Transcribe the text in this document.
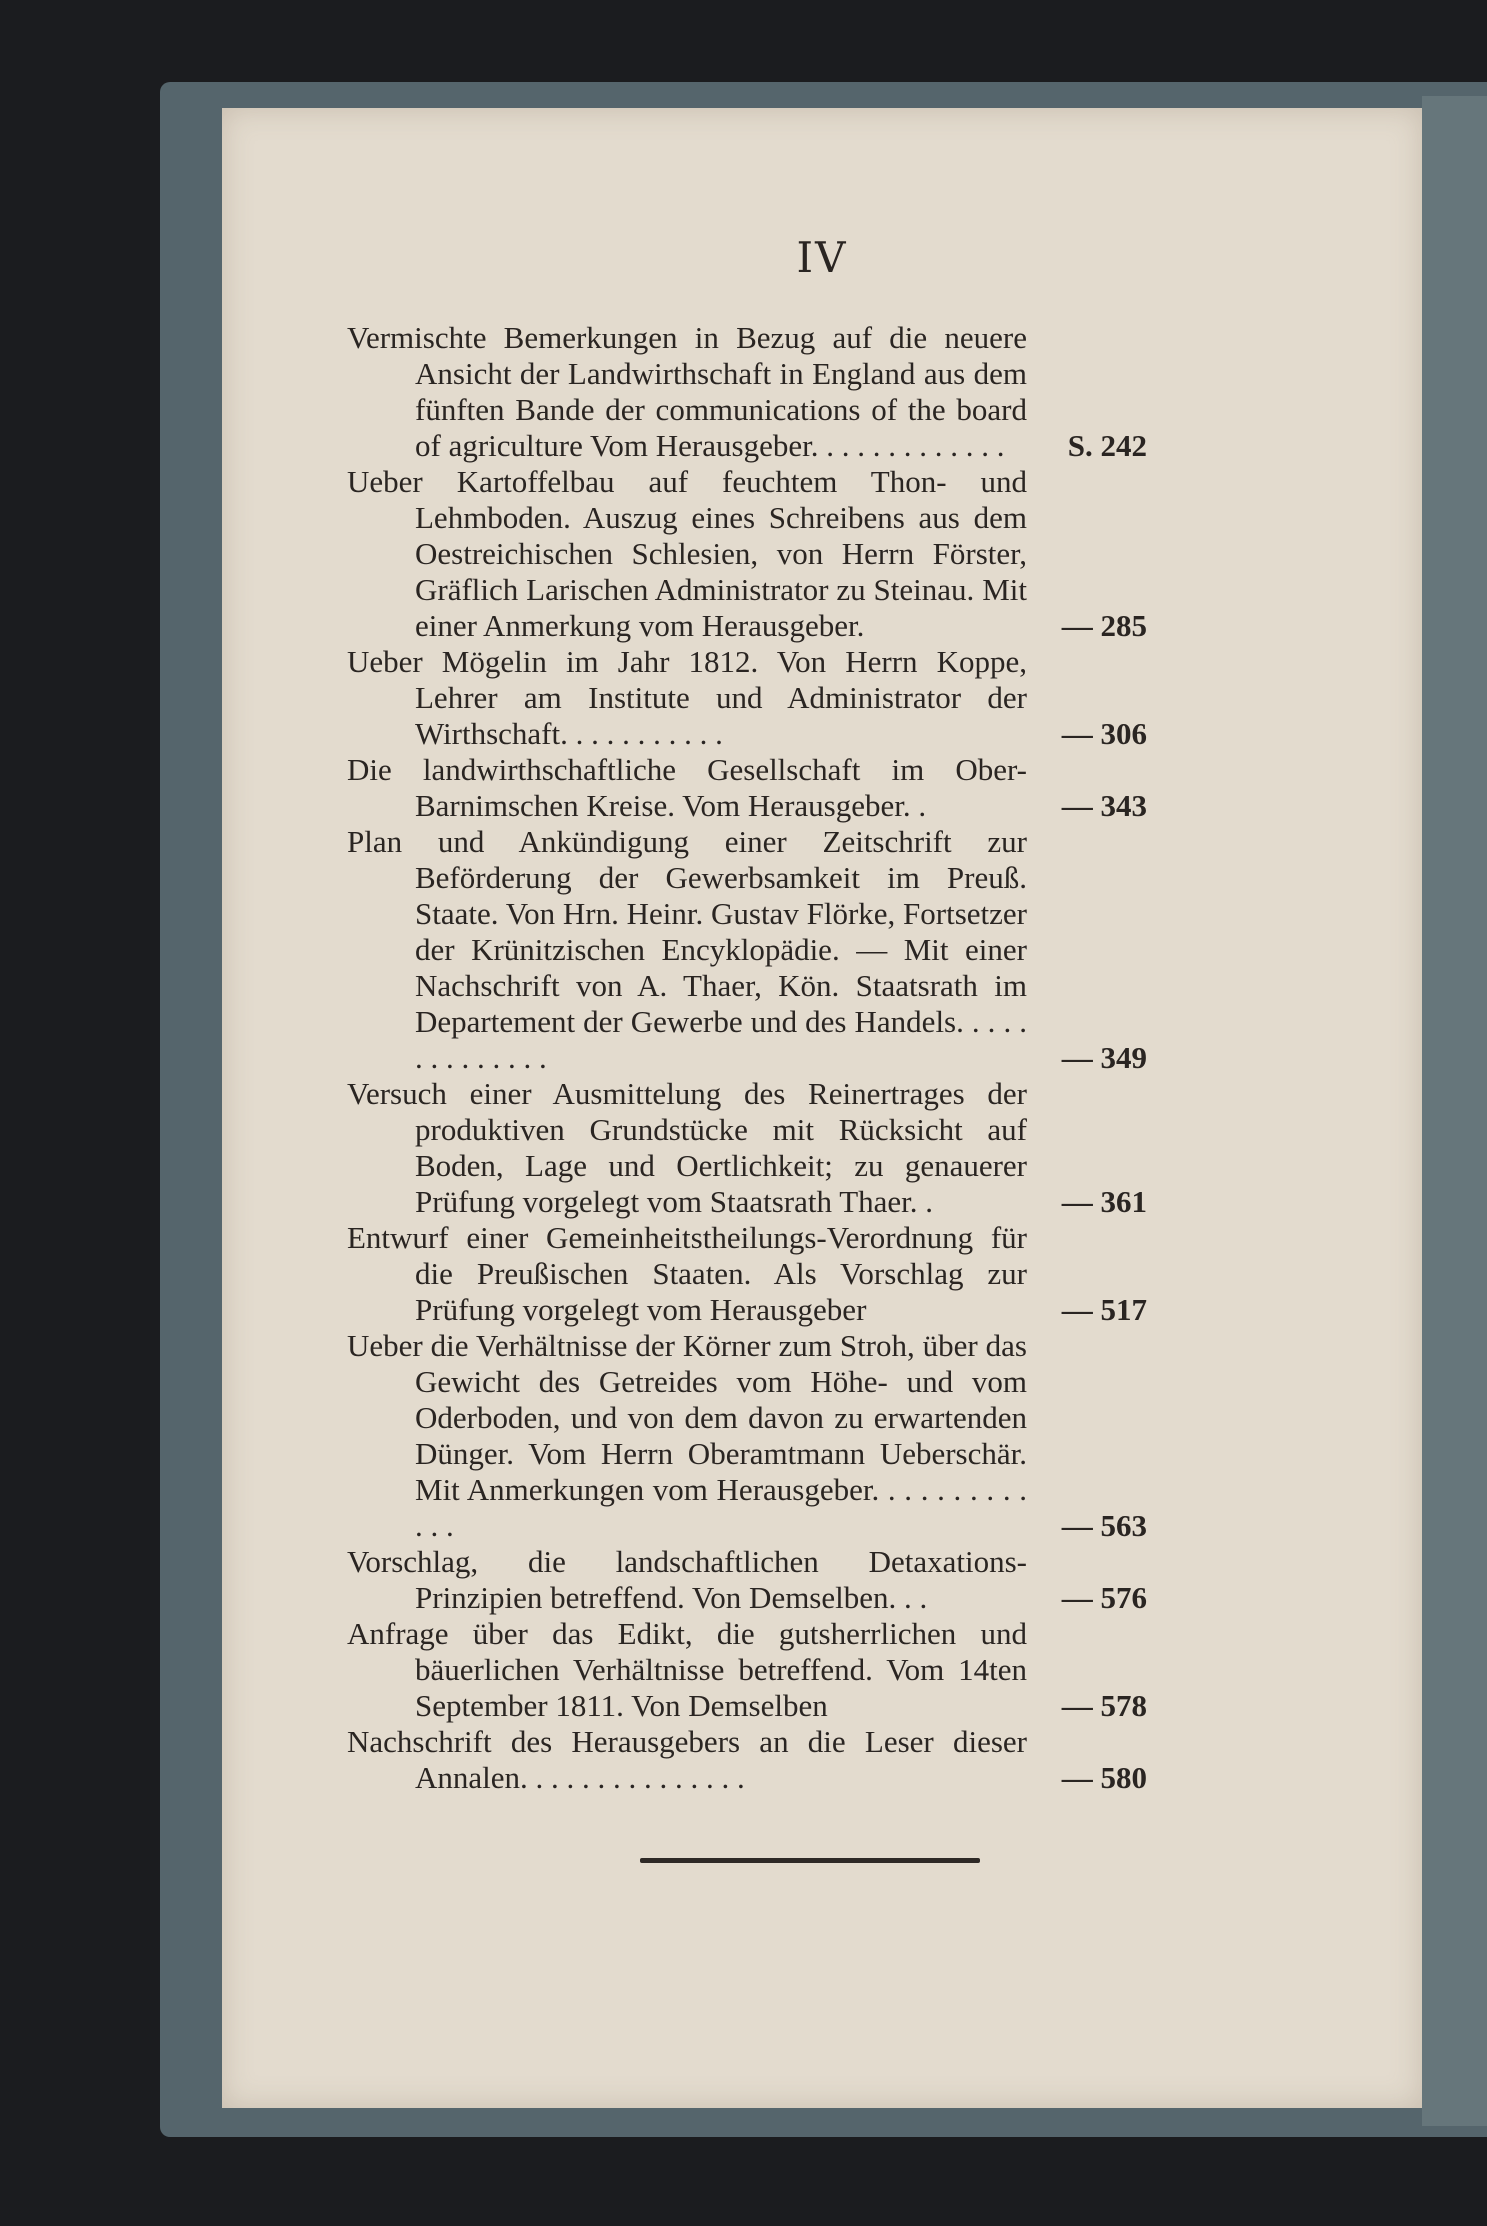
IV
Vermischte Bemerkungen in Bezug auf die neuere Ansicht der Landwirthschaft in England aus dem fünften Bande der communications of the board of agriculture Vom Herausgeber. . . . . . . . . . . . . S. 242
Ueber Kartoffelbau auf feuchtem Thon- und Lehmboden. Auszug eines Schreibens aus dem Oestreichischen Schlesien, von Herrn Förster, Gräflich Larischen Administrator zu Steinau. Mit einer Anmerkung vom Herausgeber.	— 285
Ueber Mögelin im Jahr 1812. Von Herrn Koppe, Lehrer am Institute und Administrator der Wirthschaft. . . . . . . . . . .	— 306
Die landwirthschaftliche Gesellschaft im Ober-Barnimschen Kreise. Vom Herausgeber. .	— 343
Plan und Ankündigung einer Zeitschrift zur Beförderung der Gewerbsamkeit im Preuß. Staate. Von Hrn. Heinr. Gustav Flörke, Fortsetzer der Krünitzischen Encyklopädie. — Mit einer Nachschrift von A. Thaer, Kön. Staatsrath im Departement der Gewerbe und des Handels. . . . . . . . . . . . . .	— 349
Versuch einer Ausmittelung des Reinertrages der produktiven Grundstücke mit Rücksicht auf Boden, Lage und Oertlichkeit; zu genauerer Prüfung vorgelegt vom Staatsrath Thaer. .	— 361
Entwurf einer Gemeinheitstheilungs-Verordnung für die Preußischen Staaten. Als Vorschlag zur Prüfung vorgelegt vom Herausgeber	— 517
Ueber die Verhältnisse der Körner zum Stroh, über das Gewicht des Getreides vom Höhe- und vom Oderboden, und von dem davon zu erwartenden Dünger. Vom Herrn Oberamtmann Ueberschär. Mit Anmerkungen vom Herausgeber. . . . . . . . . . . . .	— 563
Vorschlag, die landschaftlichen Detaxations-Prinzipien betreffend. Von Demselben. . .	— 576
Anfrage über das Edikt, die gutsherrlichen und bäuerlichen Verhältnisse betreffend. Vom 14ten September 1811. Von Demselben	— 578
Nachschrift des Herausgebers an die Leser dieser Annalen. . . . . . . . . . . . . . .	— 580
